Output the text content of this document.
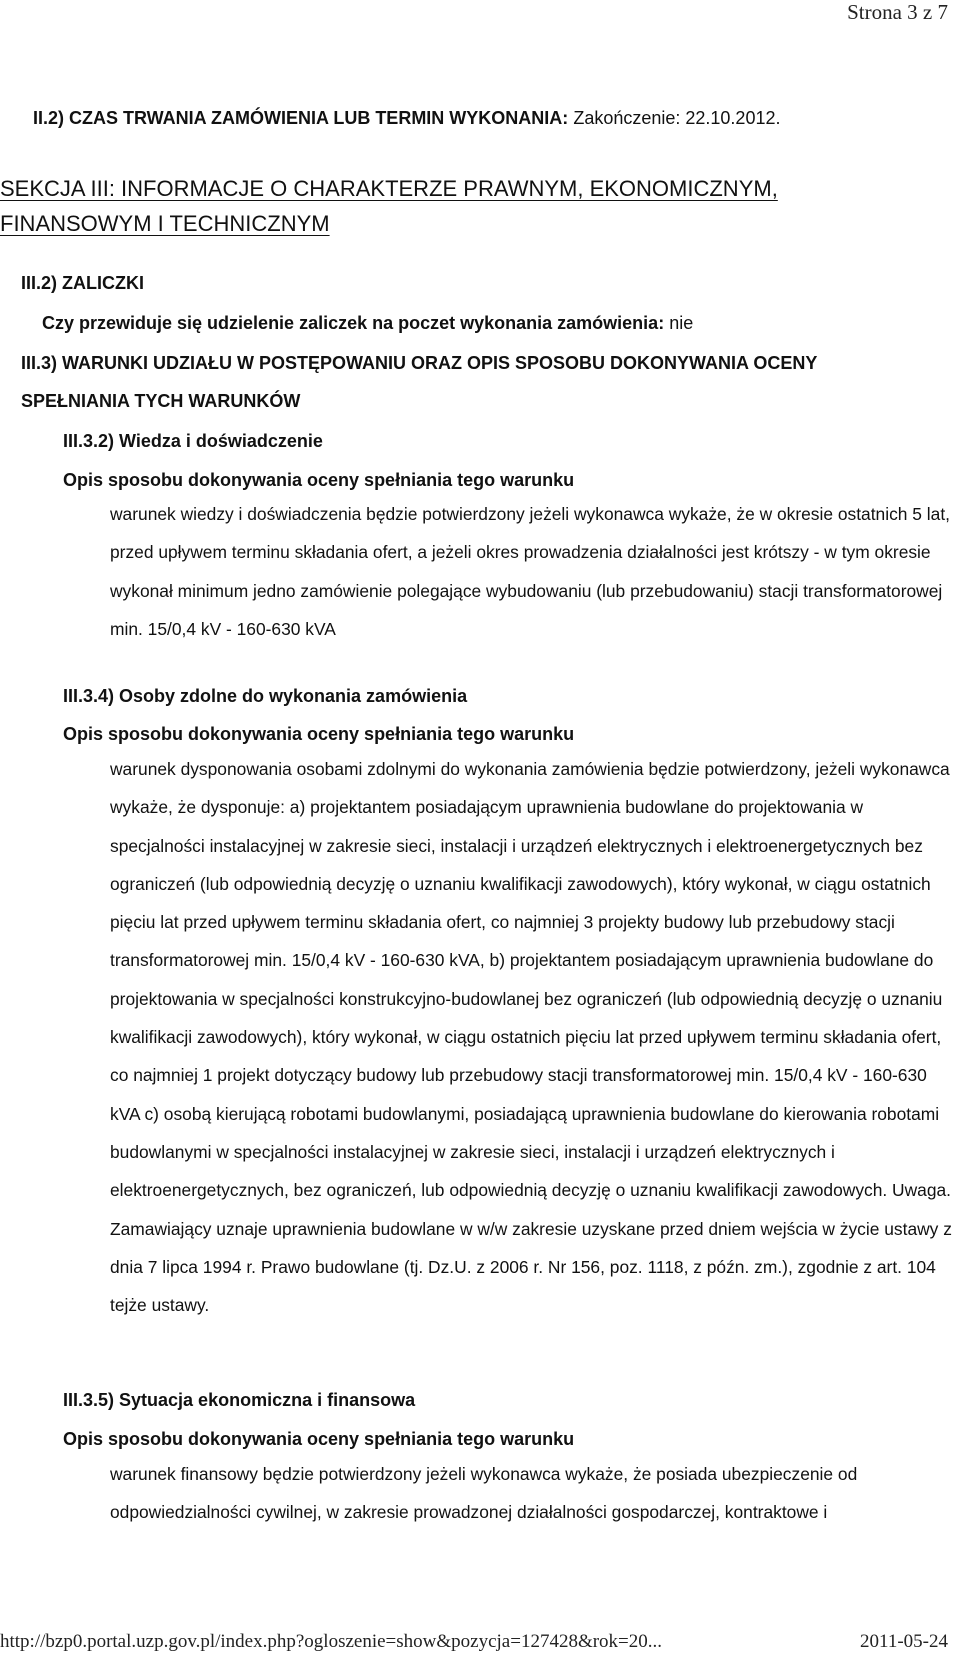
Strona 3 z 7
II.2) CZAS TRWANIA ZAMÓWIENIA LUB TERMIN WYKONANIA: Zakończenie: 22.10.2012.
SEKCJA III: INFORMACJE O CHARAKTERZE PRAWNYM, EKONOMICZNYM,
FINANSOWYM I TECHNICZNYM
III.2) ZALICZKI
Czy przewiduje się udzielenie zaliczek na poczet wykonania zamówienia: nie
III.3) WARUNKI UDZIAŁU W POSTĘPOWANIU ORAZ OPIS SPOSOBU DOKONYWANIA OCENY
SPEŁNIANIA TYCH WARUNKÓW
III.3.2) Wiedza i doświadczenie
Opis sposobu dokonywania oceny spełniania tego warunku
warunek wiedzy i doświadczenia będzie potwierdzony jeżeli wykonawca wykaże, że w okresie ostatnich 5 lat, przed upływem terminu składania ofert, a jeżeli okres prowadzenia działalności jest krótszy - w tym okresie wykonał minimum jedno zamówienie polegające wybudowaniu (lub przebudowaniu) stacji transformatorowej min. 15/0,4 kV - 160-630 kVA
III.3.4) Osoby zdolne do wykonania zamówienia
Opis sposobu dokonywania oceny spełniania tego warunku
warunek dysponowania osobami zdolnymi do wykonania zamówienia będzie potwierdzony, jeżeli wykonawca wykaże, że dysponuje: a) projektantem posiadającym uprawnienia budowlane do projektowania w specjalności instalacyjnej w zakresie sieci, instalacji i urządzeń elektrycznych i elektroenergetycznych bez ograniczeń (lub odpowiednią decyzję o uznaniu kwalifikacji zawodowych), który wykonał, w ciągu ostatnich pięciu lat przed upływem terminu składania ofert, co najmniej 3 projekty budowy lub przebudowy stacji transformatorowej min. 15/0,4 kV - 160-630 kVA, b) projektantem posiadającym uprawnienia budowlane do projektowania w specjalności konstrukcyjno-budowlanej bez ograniczeń (lub odpowiednią decyzję o uznaniu kwalifikacji zawodowych), który wykonał, w ciągu ostatnich pięciu lat przed upływem terminu składania ofert, co najmniej 1 projekt dotyczący budowy lub przebudowy stacji transformatorowej min. 15/0,4 kV - 160-630 kVA c) osobą kierującą robotami budowlanymi, posiadającą uprawnienia budowlane do kierowania robotami budowlanymi w specjalności instalacyjnej w zakresie sieci, instalacji i urządzeń elektrycznych i elektroenergetycznych, bez ograniczeń, lub odpowiednią decyzję o uznaniu kwalifikacji zawodowych. Uwaga. Zamawiający uznaje uprawnienia budowlane w w/w zakresie uzyskane przed dniem wejścia w życie ustawy z dnia 7 lipca 1994 r. Prawo budowlane (tj. Dz.U. z 2006 r. Nr 156, poz. 1118, z późn. zm.), zgodnie z art. 104 tejże ustawy.
III.3.5) Sytuacja ekonomiczna i finansowa
Opis sposobu dokonywania oceny spełniania tego warunku
warunek finansowy będzie potwierdzony jeżeli wykonawca wykaże, że posiada ubezpieczenie od odpowiedzialności cywilnej, w zakresie prowadzonej działalności gospodarczej, kontraktowe i
http://bzp0.portal.uzp.gov.pl/index.php?ogloszenie=show&pozycja=127428&rok=20...	2011-05-24
